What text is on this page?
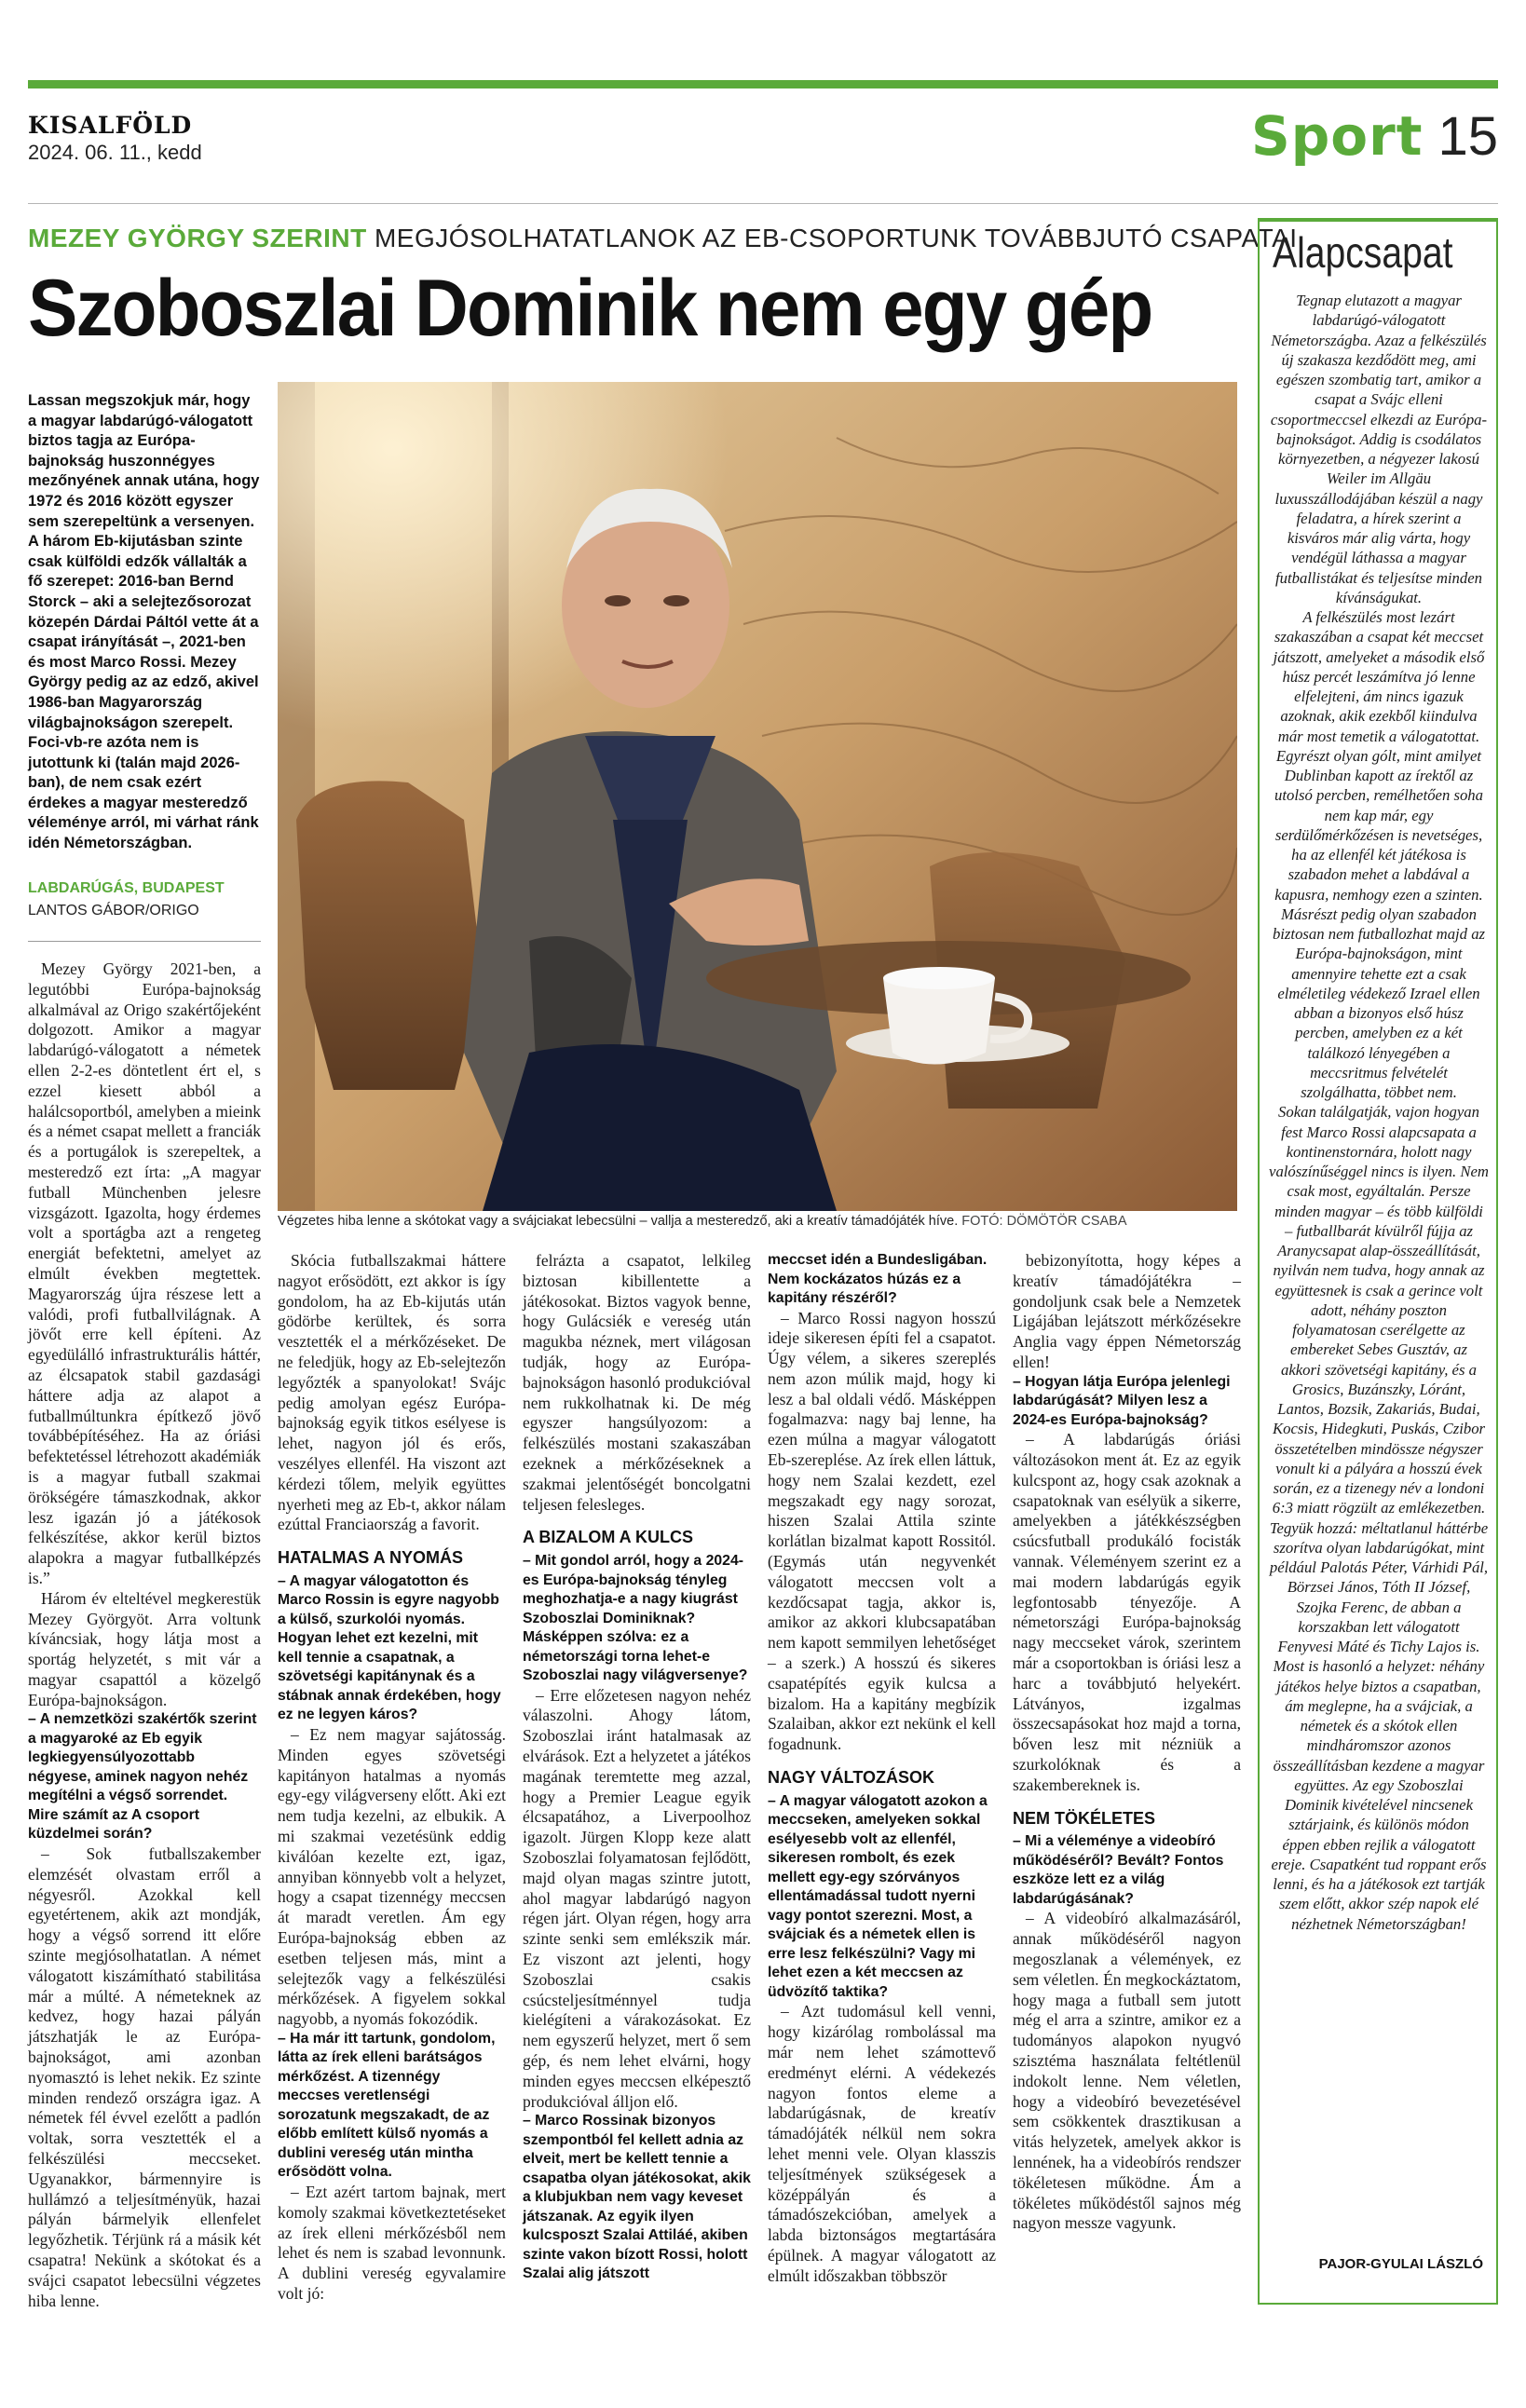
KISALFÖLD
2024. 06. 11., kedd	Sport 15
MEZEY GYÖRGY SZERINT MEGJÓSOLHATATLANOK AZ EB-CSOPORTUNK TOVÁBBJUTÓ CSAPATAI
Szoboszlai Dominik nem egy gép
Lassan megszokjuk már, hogy a magyar labdarúgó-válogatott biztos tagja az Európa-bajnokság huszonnégyes mezőnyének annak utána, hogy 1972 és 2016 között egyszer sem szerepeltünk a versenyen. A három Eb-kijutásban szinte csak külföldi edzők vállalták a fő szerepet: 2016-ban Bernd Storck – aki a selejtezősorozat közepén Dárdai Páltól vette át a csapat irányítását –, 2021-ben és most Marco Rossi. Mezey György pedig az az edző, akivel 1986-ban Magyarország világbajnokságon szerepelt. Foci-vb-re azóta nem is jutottunk ki (talán majd 2026-ban), de nem csak ezért érdekes a magyar mesteredző véleménye arról, mi várhat ránk idén Németországban.
LABDARÚGÁS, BUDAPEST
LANTOS GÁBOR/ORIGO
Végzetes hiba lenne a skótokat vagy a svájciakat lebecsülni – vallja a mesteredző, aki a kreatív támadójáték híve. FOTÓ: DÖMÖTÖR CSABA

Mezey György 2021-ben, a legutóbbi Európa-bajnokság alkalmával az Origo szakértőjeként dolgozott. Amikor a magyar labdarúgó-válogatott a németek ellen 2-2-es döntetlent ért el, s ezzel kiesett abból a halálcsoportból, amelyben a mieink és a német csapat mellett a franciák és a portugálok is szerepeltek, a mesteredző ezt írta: „A magyar futball Münchenben jelesre vizsgázott. Igazolta, hogy érdemes volt a sportágba azt a rengeteg energiát befektetni, amelyet az elmúlt években megtettek. Magyarország újra részese lett a valódi, profi futballvilágnak. A jövőt erre kell építeni. Az egyedülálló infrastrukturális háttér, az élcsapatok stabil gazdasági háttere adja az alapot a futballmúltunkra építkező jövő továbbépítéséhez. Ha az óriási befektetéssel létrehozott akadémiák is a magyar futball szakmai örökségére támaszkodnak, akkor lesz igazán jó a játékosok felkészítése, akkor kerül biztos alapokra a magyar futballképzés is.”

Három év elteltével megkerestük Mezey Györgyöt. Arra voltunk kíváncsiak, hogy látja most a sportág helyzetét, s mit vár a magyar csapattól a közelgő Európa-bajnokságon.

– A nemzetközi szakértők szerint a magyaroké az Eb egyik legkiegyensúlyozottabb négyese, aminek nagyon nehéz megítélni a végső sorrendet. Mire számít az A csoport küzdelmei során?

– Sok futballszakember elemzését olvastam erről a négyesről. Azokkal kell egyetértenem, akik azt mondják, hogy a végső sorrend itt előre szinte megjósolhatatlan. A német válogatott kiszámítható stabilitása már a múlté. A németeknek az kedvez, hogy hazai pályán játszhatják le az Európa-bajnokságot, ami azonban nyomasztó is lehet nekik. Ez szinte minden rendező országra igaz. A németek fél évvel ezelőtt a padlón voltak, sorra vesztették el a felkészülési meccseket. Ugyanakkor, bármennyire is hullámzó a teljesítményük, hazai pályán bármelyik ellenfelet legyőzhetik. Térjünk rá a másik két csapatra! Nekünk a skótokat és a svájci csapatot lebecsülni végzetes hiba lenne.

Skócia futballszakmai háttere nagyot erősödött, ezt akkor is így gondolom, ha az Eb-kijutás után gödörbe kerültek, és sorra vesztették el a mérkőzéseket. De ne feledjük, hogy az Eb-selejtezőn legyőzték a spanyolokat! Svájc pedig amolyan egész Európa-bajnokság egyik titkos esélyese is lehet, nagyon jól és erős, veszélyes ellenfél. Ha viszont azt kérdezi tőlem, melyik együttes nyerheti meg az Eb-t, akkor nálam ezúttal Franciaország a favorit.

HATALMAS A NYOMÁS

– A magyar válogatotton és Marco Rossin is egyre nagyobb a külső, szurkolói nyomás. Hogyan lehet ezt kezelni, mit kell tennie a csapatnak, a szövetségi kapitánynak és a stábnak annak érdekében, hogy ez ne legyen káros?

– Ez nem magyar sajátosság. Minden egyes szövetségi kapitányon hatalmas a nyomás egy-egy világverseny előtt. Aki ezt nem tudja kezelni, az elbukik. A mi szakmai vezetésünk eddig kiválóan kezelte ezt, igaz, annyiban könnyebb volt a helyzet, hogy a csapat tizennégy meccsen át maradt veretlen. Ám egy Európa-bajnokság ebben az esetben teljesen más, mint a selejtezők vagy a felkészülési mérkőzések. A figyelem sokkal nagyobb, a nyomás fokozódik.

– Ha már itt tartunk, gondolom, látta az írek elleni barátságos mérkőzést. A tizennégy meccses veretlenségi sorozatunk megszakadt, de az előbb említett külső nyomás a dublini vereség után mintha erősödött volna.

– Ezt azért tartom bajnak, mert komoly szakmai következtetéseket az írek elleni mérkőzésből nem lehet és nem is szabad levonnunk. A dublini vereség egyvalamire volt jó:

felrázta a csapatot, lelkileg biztosan kibillentette a játékosokat. Biztos vagyok benne, hogy Gulácsiék e vereség után magukba néznek, mert világosan tudják, hogy az Európa-bajnokságon hasonló produkcióval nem rukkolhatnak ki. De még egyszer hangsúlyozom: a felkészülés mostani szakaszában ezeknek a mérkőzéseknek a szakmai jelentőségét boncolgatni teljesen felesleges.

A BIZALOM A KULCS

– Mit gondol arról, hogy a 2024-es Európa-bajnokság tényleg meghozhatja-e a nagy kiugrást Szoboszlai Dominiknak? Másképpen szólva: ez a németországi torna lehet-e Szoboszlai nagy világversenye?

– Erre előzetesen nagyon nehéz válaszolni. Ahogy látom, Szoboszlai iránt hatalmasak az elvárások. Ezt a helyzetet a játékos magának teremtette meg azzal, hogy a Premier League egyik élcsapatához, a Liverpoolhoz igazolt. Jürgen Klopp keze alatt Szoboszlai folyamatosan fejlődött, majd olyan magas szintre jutott, ahol magyar labdarúgó nagyon régen járt. Olyan régen, hogy arra szinte senki sem emlékszik már. Ez viszont azt jelenti, hogy Szoboszlai csakis csúcsteljesítménnyel tudja kielégíteni a várakozásokat. Ez nem egyszerű helyzet, mert ő sem gép, és nem lehet elvárni, hogy minden egyes meccsen elképesztő produkcióval álljon elő.

– Marco Rossinak bizonyos szempontból fel kellett adnia az elveit, mert be kellett tennie a csapatba olyan játékosokat, akik a klubjukban nem vagy keveset játszanak. Az egyik ilyen kulcsposzt Szalai Attiláé, akiben szinte vakon bízott Rossi, holott Szalai alig játszott

meccset idén a Bundesligában. Nem kockázatos húzás ez a kapitány részéről?

– Marco Rossi nagyon hosszú ideje sikeresen építi fel a csapatot. Úgy vélem, a sikeres szereplés nem azon múlik majd, hogy ki lesz a bal oldali védő. Másképpen fogalmazva: nagy baj lenne, ha ezen múlna a magyar válogatott Eb-szereplése. Az írek ellen láttuk, hogy nem Szalai kezdett, ezel megszakadt egy nagy sorozat, hiszen Szalai Attila szinte korlátlan bizalmat kapott Rossitól. (Egymás után negyvenkét válogatott meccsen volt a kezdőcsapat tagja, akkor is, amikor az akkori klubcsapatában nem kapott semmilyen lehetőséget – a szerk.) A hosszú és sikeres csapatépítés egyik kulcsa a bizalom. Ha a kapitány megbízik Szalaiban, akkor ezt nekünk el kell fogadnunk.

NAGY VÁLTOZÁSOK

– A magyar válogatott azokon a meccseken, amelyeken sokkal esélyesebb volt az ellenfél, sikeresen rombolt, és ezek mellett egy-egy szórványos ellentámadással tudott nyerni vagy pontot szerezni. Most, a svájciak és a németek ellen is erre lesz felkészülni? Vagy mi lehet ezen a két meccsen az üdvözítő taktika?

– Azt tudomásul kell venni, hogy kizárólag rombolással ma már nem lehet számottevő eredményt elérni. A védekezés nagyon fontos eleme a labdarúgásnak, de kreatív támadójáték nélkül nem sokra lehet menni vele. Olyan klasszis teljesítmények szükségesek a középpályán és a támadószekcióban, amelyek a labda biztonságos megtartására épülnek. A magyar válogatott az elmúlt időszakban többször

bebizonyította, hogy képes a kreatív támadójátékra – gondoljunk csak bele a Nemzetek Ligájában lejátszott mérkőzésekre Anglia vagy éppen Németország ellen!

– Hogyan látja Európa jelenlegi labdarúgását? Milyen lesz a 2024-es Európa-bajnokság?

– A labdarúgás óriási változásokon ment át. Ez az egyik kulcspont az, hogy csak azoknak a csapatoknak van esélyük a sikerre, amelyekben a játékkészségben csúcsfutball produkáló focisták vannak. Véleményem szerint ez a mai modern labdarúgás egyik legfontosabb tényezője. A németországi Európa-bajnokság nagy meccseket várok, szerintem már a csoportokban is óriási lesz a harc a továbbjutó helyekért. Látványos, izgalmas összecsapásokat hoz majd a torna, bőven lesz mit nézniük a szurkolóknak és a szakembereknek is.

NEM TÖKÉLETES

– Mi a véleménye a videobíró működéséről? Bevált? Fontos eszköze lett ez a világ labdarúgásának?

– A videobíró alkalmazásáról, annak működéséről nagyon megoszlanak a vélemények, ez sem véletlen. Én megkockáztatom, hogy maga a futball sem jutott még el arra a szintre, amikor ez a tudományos alapokon nyugvó szisztéma használata feltétlenül indokolt lenne. Nem véletlen, hogy a videobíró bevezetésével sem csökkentek drasztikusan a vitás helyzetek, amelyek akkor is lennének, ha a videobírós rendszer tökéletesen működne. Ám a tökéletes működéstől sajnos még nagyon messze vagyunk.

Alapcsapat

Tegnap elutazott a magyar labdarúgó-válogatott Németországba. Azaz a felkészülés új szakasza kezdődött meg, ami egészen szombatig tart, amikor a csapat a Svájc elleni csoportmeccsel elkezdi az Európa-bajnokságot. Addig is csodálatos környezetben, a négyezer lakosú Weiler im Allgäu luxusszállodájában készül a nagy feladatra, a hírek szerint a kisváros már alig várta, hogy vendégül láthassa a magyar futballistákat és teljesítse minden kívánságukat.

A felkészülés most lezárt szakaszában a csapat két meccset játszott, amelyeket a második első húsz percét leszámítva jó lenne elfelejteni, ám nincs igazuk azoknak, akik ezekből kiindulva már most temetik a válogatottat. Egyrészt olyan gólt, mint amilyet Dublinban kapott az írektől az utolsó percben, remélhetően soha nem kap már, egy serdülőmérkőzésen is nevetséges, ha az ellenfél két játékosa is szabadon mehet a labdával a kapusra, nemhogy ezen a szinten. Másrészt pedig olyan szabadon biztosan nem futballozhat majd az Európa-bajnokságon, mint amennyire tehette ezt a csak elméletileg védekező Izrael ellen abban a bizonyos első húsz percben, amelyben ez a két találkozó lényegében a meccsritmus felvételét szolgálhatta, többet nem.

Sokan találgatják, vajon hogyan fest Marco Rossi alapcsapata a kontinenstornára, holott nagy valószínűséggel nincs is ilyen. Nem csak most, egyáltalán. Persze minden magyar – és több külföldi – futballbarát kívülről fújja az Aranycsapat alap-összeállítását, nyilván nem tudva, hogy annak az együttesnek is csak a gerince volt adott, néhány poszton folyamatosan cserélgette az embereket Sebes Gusztáv, az akkori szövetségi kapitány, és a Grosics, Buzánszky, Lóránt, Lantos, Bozsik, Zakariás, Budai, Kocsis, Hidegkuti, Puskás, Czibor összetételben mindössze négyszer vonult ki a pályára a hosszú évek során, ez a tizenegy név a londoni 6:3 miatt rögzült az emlékezetben. Tegyük hozzá: méltatlanul háttérbe szorítva olyan labdarúgókat, mint például Palotás Péter, Várhidi Pál, Börzsei János, Tóth II József, Szojka Ferenc, de abban a korszakban lett válogatott Fenyvesi Máté és Tichy Lajos is.

Most is hasonló a helyzet: néhány játékos helye biztos a csapatban, ám meglepne, ha a svájciak, a németek és a skótok ellen mindháromszor azonos összeállításban kezdene a magyar együttes. Az egy Szoboszlai Dominik kivételével nincsenek sztárjaink, és különös módon éppen ebben rejlik a válogatott ereje. Csapatként tud roppant erős lenni, és ha a játékosok ezt tartják szem előtt, akkor szép napok elé nézhetnek Németországban!

PAJOR-GYULAI LÁSZLÓ
